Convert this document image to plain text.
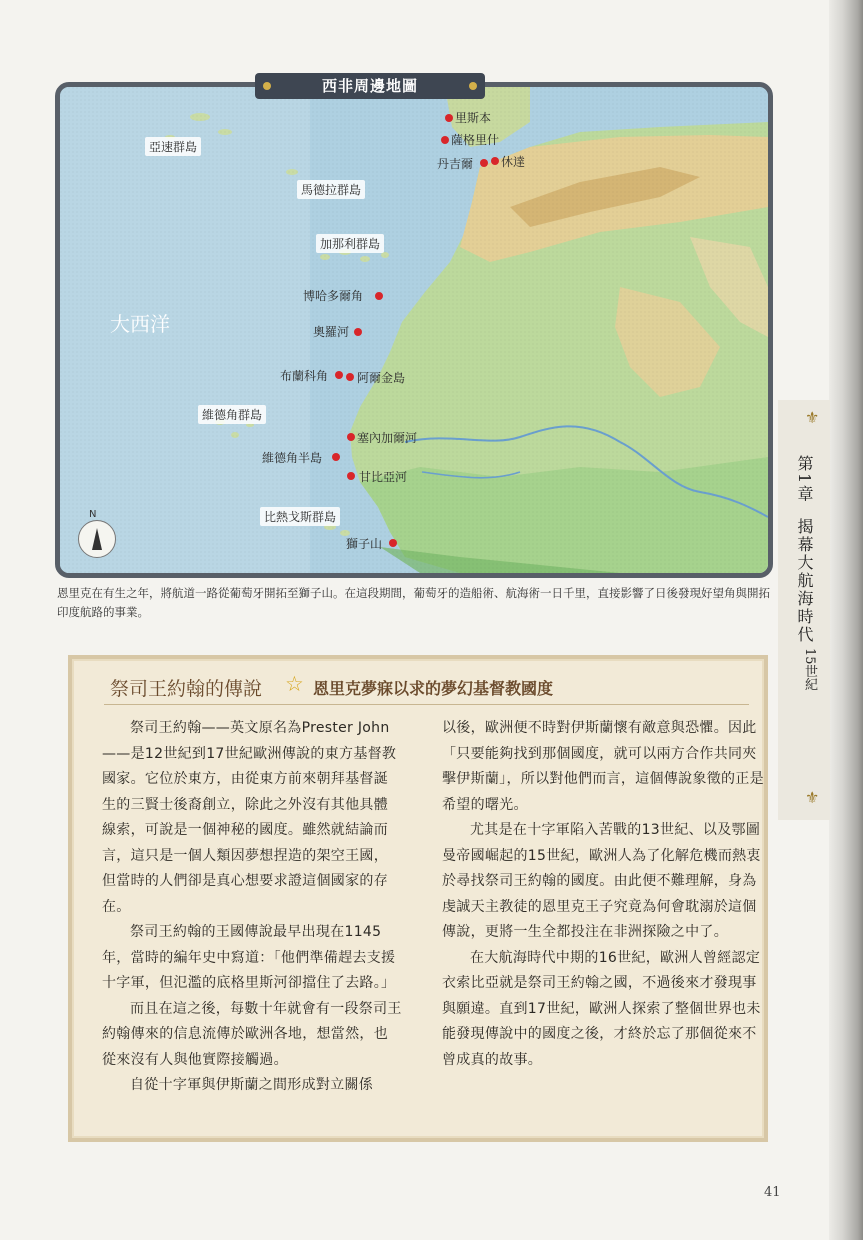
西非周邊地圖
大西洋
亞速群島
馬德拉群島
加那利群島
維德角群島
比熱戈斯群島
里斯本
薩格里什
丹吉爾 休達
博哈多爾角
奧羅河
布蘭科角 阿爾金島
塞內加爾河
維德角半島
甘比亞河
獅子山
N
恩里克在有生之年，將航道一路從葡萄牙開拓至獅子山。在這段期間，葡萄牙的造船術、航海術一日千里，直接影響了日後發現好望角與開拓印度航路的事業。
⚜
第1章 揭幕大航海時代
15世紀
⚜
祭司王約翰的傳說 ☆ 恩里克夢寐以求的夢幻基督教國度

祭司王約翰——英文原名為Prester John——是12世紀到17世紀歐洲傳說的東方基督教國家。它位於東方，由從東方前來朝拜基督誕生的三賢士後裔創立，除此之外沒有其他具體線索，可說是一個神秘的國度。雖然就結論而言，這只是一個人類因夢想捏造的架空王國，但當時的人們卻是真心想要求證這個國家的存在。

祭司王約翰的王國傳說最早出現在1145年，當時的編年史中寫道：「他們準備趕去支援十字軍，但氾濫的底格里斯河卻擋住了去路。」

而且在這之後，每數十年就會有一段祭司王約翰傳來的信息流傳於歐洲各地，想當然，也從來沒有人與他實際接觸過。

自從十字軍與伊斯蘭之間形成對立關係

以後，歐洲便不時對伊斯蘭懷有敵意與恐懼。因此「只要能夠找到那個國度，就可以兩方合作共同夾擊伊斯蘭」，所以對他們而言，這個傳說象徵的正是希望的曙光。

尤其是在十字軍陷入苦戰的13世紀、以及鄂圖曼帝國崛起的15世紀，歐洲人為了化解危機而熱衷於尋找祭司王約翰的國度。由此便不難理解，身為虔誠天主教徒的恩里克王子究竟為何會耽溺於這個傳說，更將一生全都投注在非洲探險之中了。

在大航海時代中期的16世紀，歐洲人曾經認定衣索比亞就是祭司王約翰之國，不過後來才發現事與願違。直到17世紀，歐洲人探索了整個世界也未能發現傳說中的國度之後，才終於忘了那個從來不曾成真的故事。

41
